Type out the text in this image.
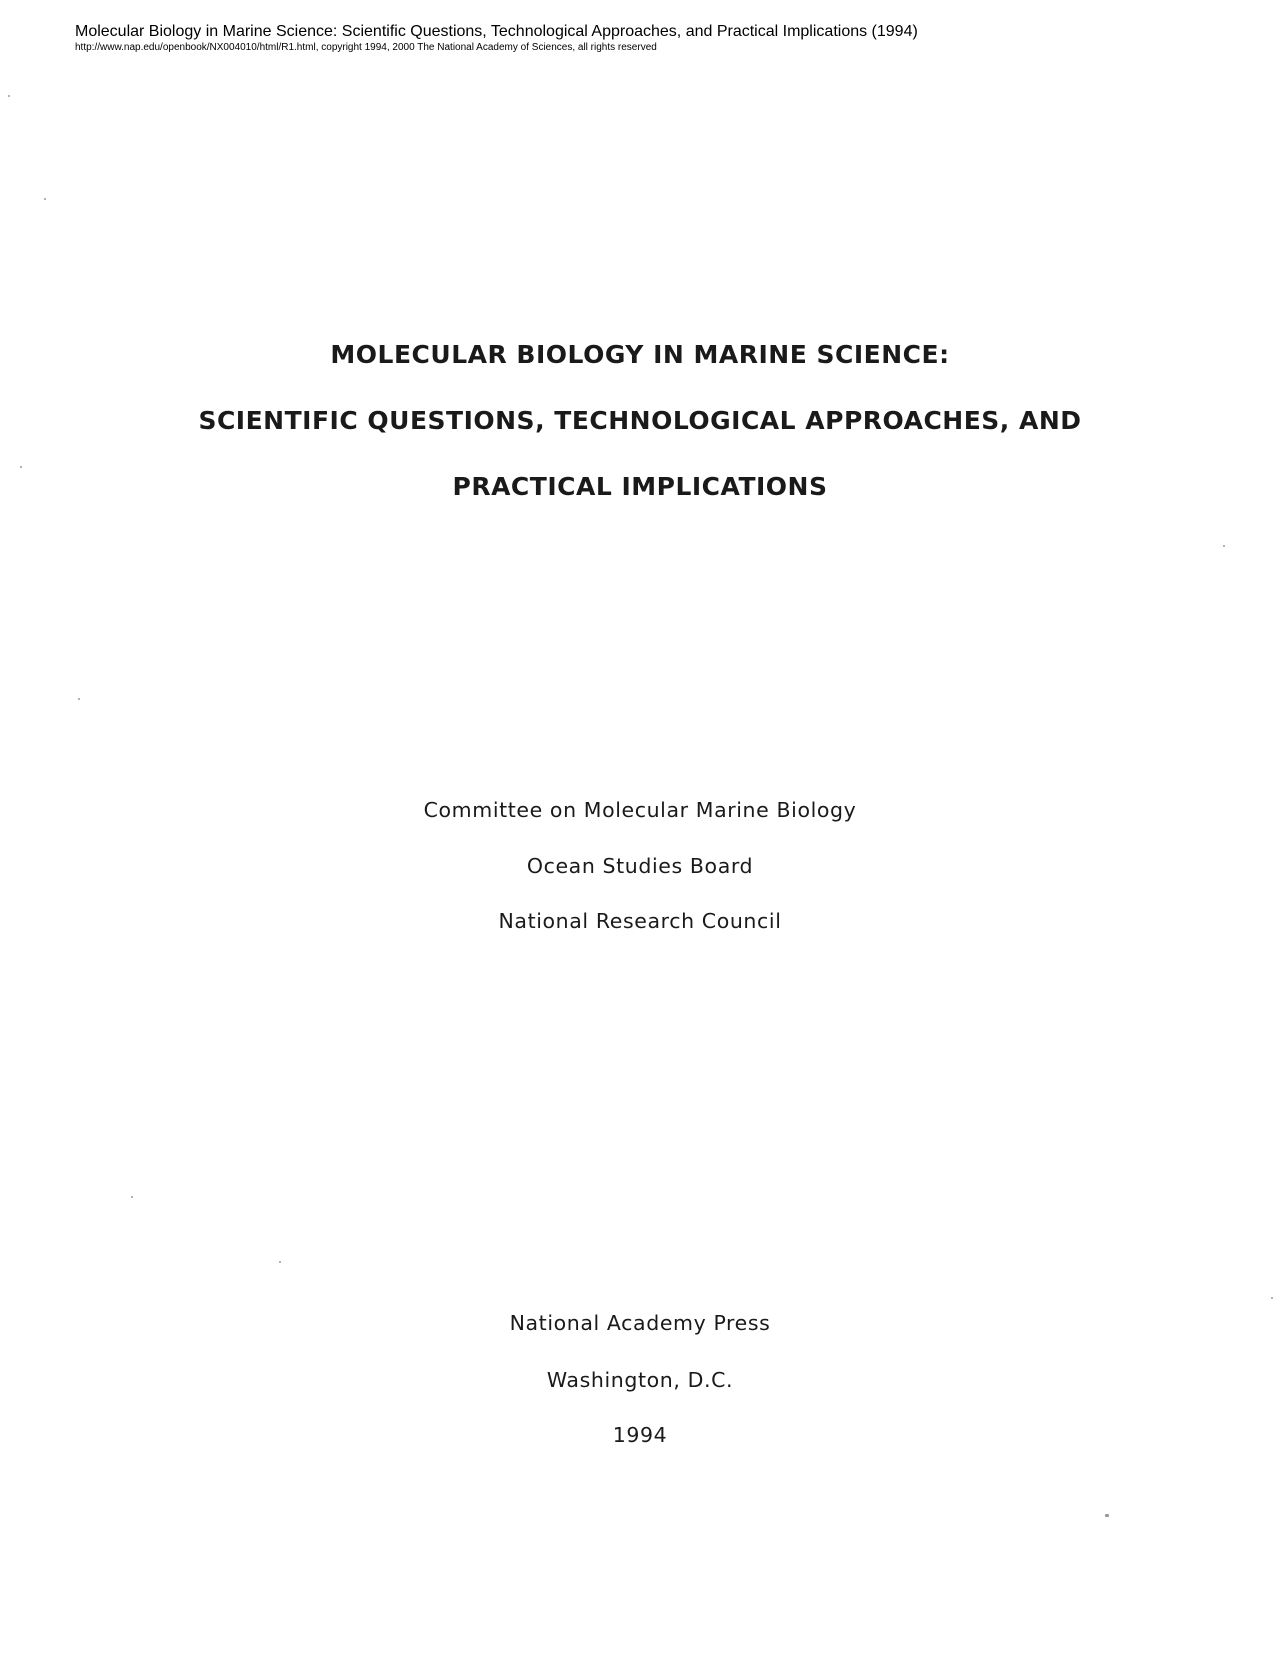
Molecular Biology in Marine Science: Scientific Questions, Technological Approaches, and Practical Implications (1994)
http://www.nap.edu/openbook/NX004010/html/R1.html, copyright 1994, 2000 The National Academy of Sciences, all rights reserved
MOLECULAR BIOLOGY IN MARINE SCIENCE:
SCIENTIFIC QUESTIONS, TECHNOLOGICAL APPROACHES, AND
PRACTICAL IMPLICATIONS
Committee on Molecular Marine Biology
Ocean Studies Board
National Research Council
National Academy Press
Washington, D.C.
1994
